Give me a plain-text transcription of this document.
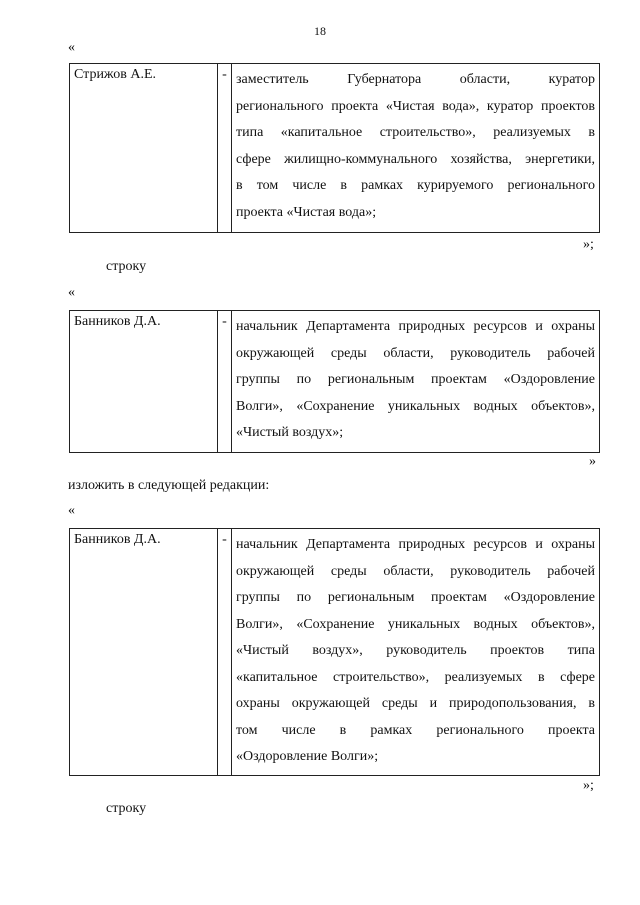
18
«
Стрижов А.Е.	-	заместитель Губернатора области, куратор
регионального проекта «Чистая вода», куратор проектов
типа «капитальное строительство», реализуемых в
сфере жилищно-коммунального хозяйства, энергетики,
в том числе в рамках курируемого регионального
проекта «Чистая вода»;
»;
строку
«
Банников Д.А.	-	начальник Департамента природных ресурсов и охраны
окружающей среды области, руководитель рабочей
группы по региональным проектам «Оздоровление
Волги», «Сохранение уникальных водных объектов»,
«Чистый воздух»;
»
изложить в следующей редакции:
«
Банников Д.А.	-	начальник Департамента природных ресурсов и охраны
окружающей среды области, руководитель рабочей
группы по региональным проектам «Оздоровление
Волги», «Сохранение уникальных водных объектов»,
«Чистый воздух», руководитель проектов типа
«капитальное строительство», реализуемых в сфере
охраны окружающей среды и природопользования, в
том числе в рамках регионального проекта
«Оздоровление Волги»;
»;
строку
